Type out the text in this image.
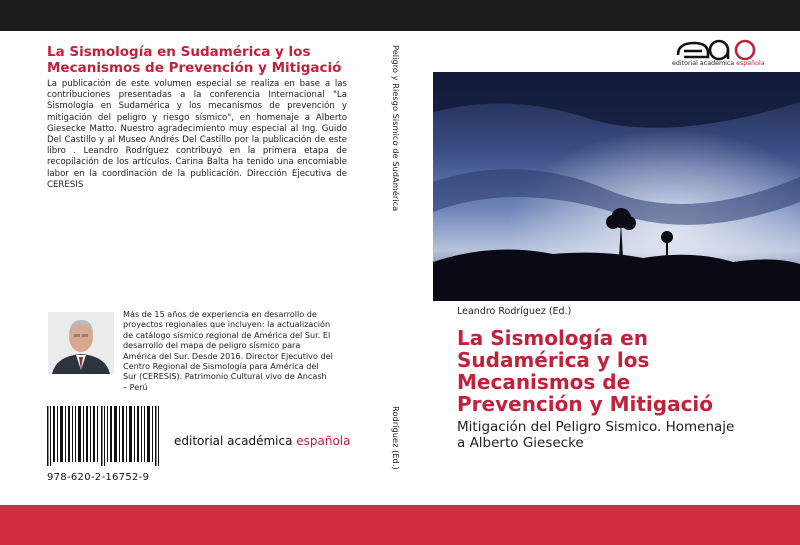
La Sismología en Sudamérica y los
Mecanismos de Prevención y Mitigació
La publicación de este volumen especial se realiza en base a las contribuciones presentadas a la conferencia Internacional "La Sismología en Sudamérica y los mecanismos de prevención y mitigación del peligro y riesgo sísmico", en homenaje a Alberto Giesecke Matto. Nuestro agradecimiento muy especial al Ing. Guido Del Castillo y al Museo Andrés Del Castillo por la publicación de este libro . Leandro Rodríguez contribuyó en la primera etapa de recopilación de los artículos. Carina Balta ha tenido una encomiable labor en la coordinación de la publicación. Dirección Ejecutiva de CERESIS
Más de 15 años de experiencia en desarrollo de proyectos regionales que incluyen: la actualización de catálogo sísmico regional de América del Sur. El desarrollo del mapa de peligro sísmico para América del Sur. Desde 2016. Director Ejecutivo del Centro Regional de Sismología para América del Sur (CERESIS). Patrimonio Cultural vivo de Ancash – Perú
978-620-2-16752-9
editorial académica española
Peligro y Riesgo Sismico de SudAmérica
Rodríguez (Ed.)
editorial académica española
Leandro Rodríguez (Ed.)
La Sismología en
Sudamérica y los
Mecanismos de
Prevención y Mitigació
Mitigación del Peligro Sismico. Homenaje
a Alberto Giesecke
